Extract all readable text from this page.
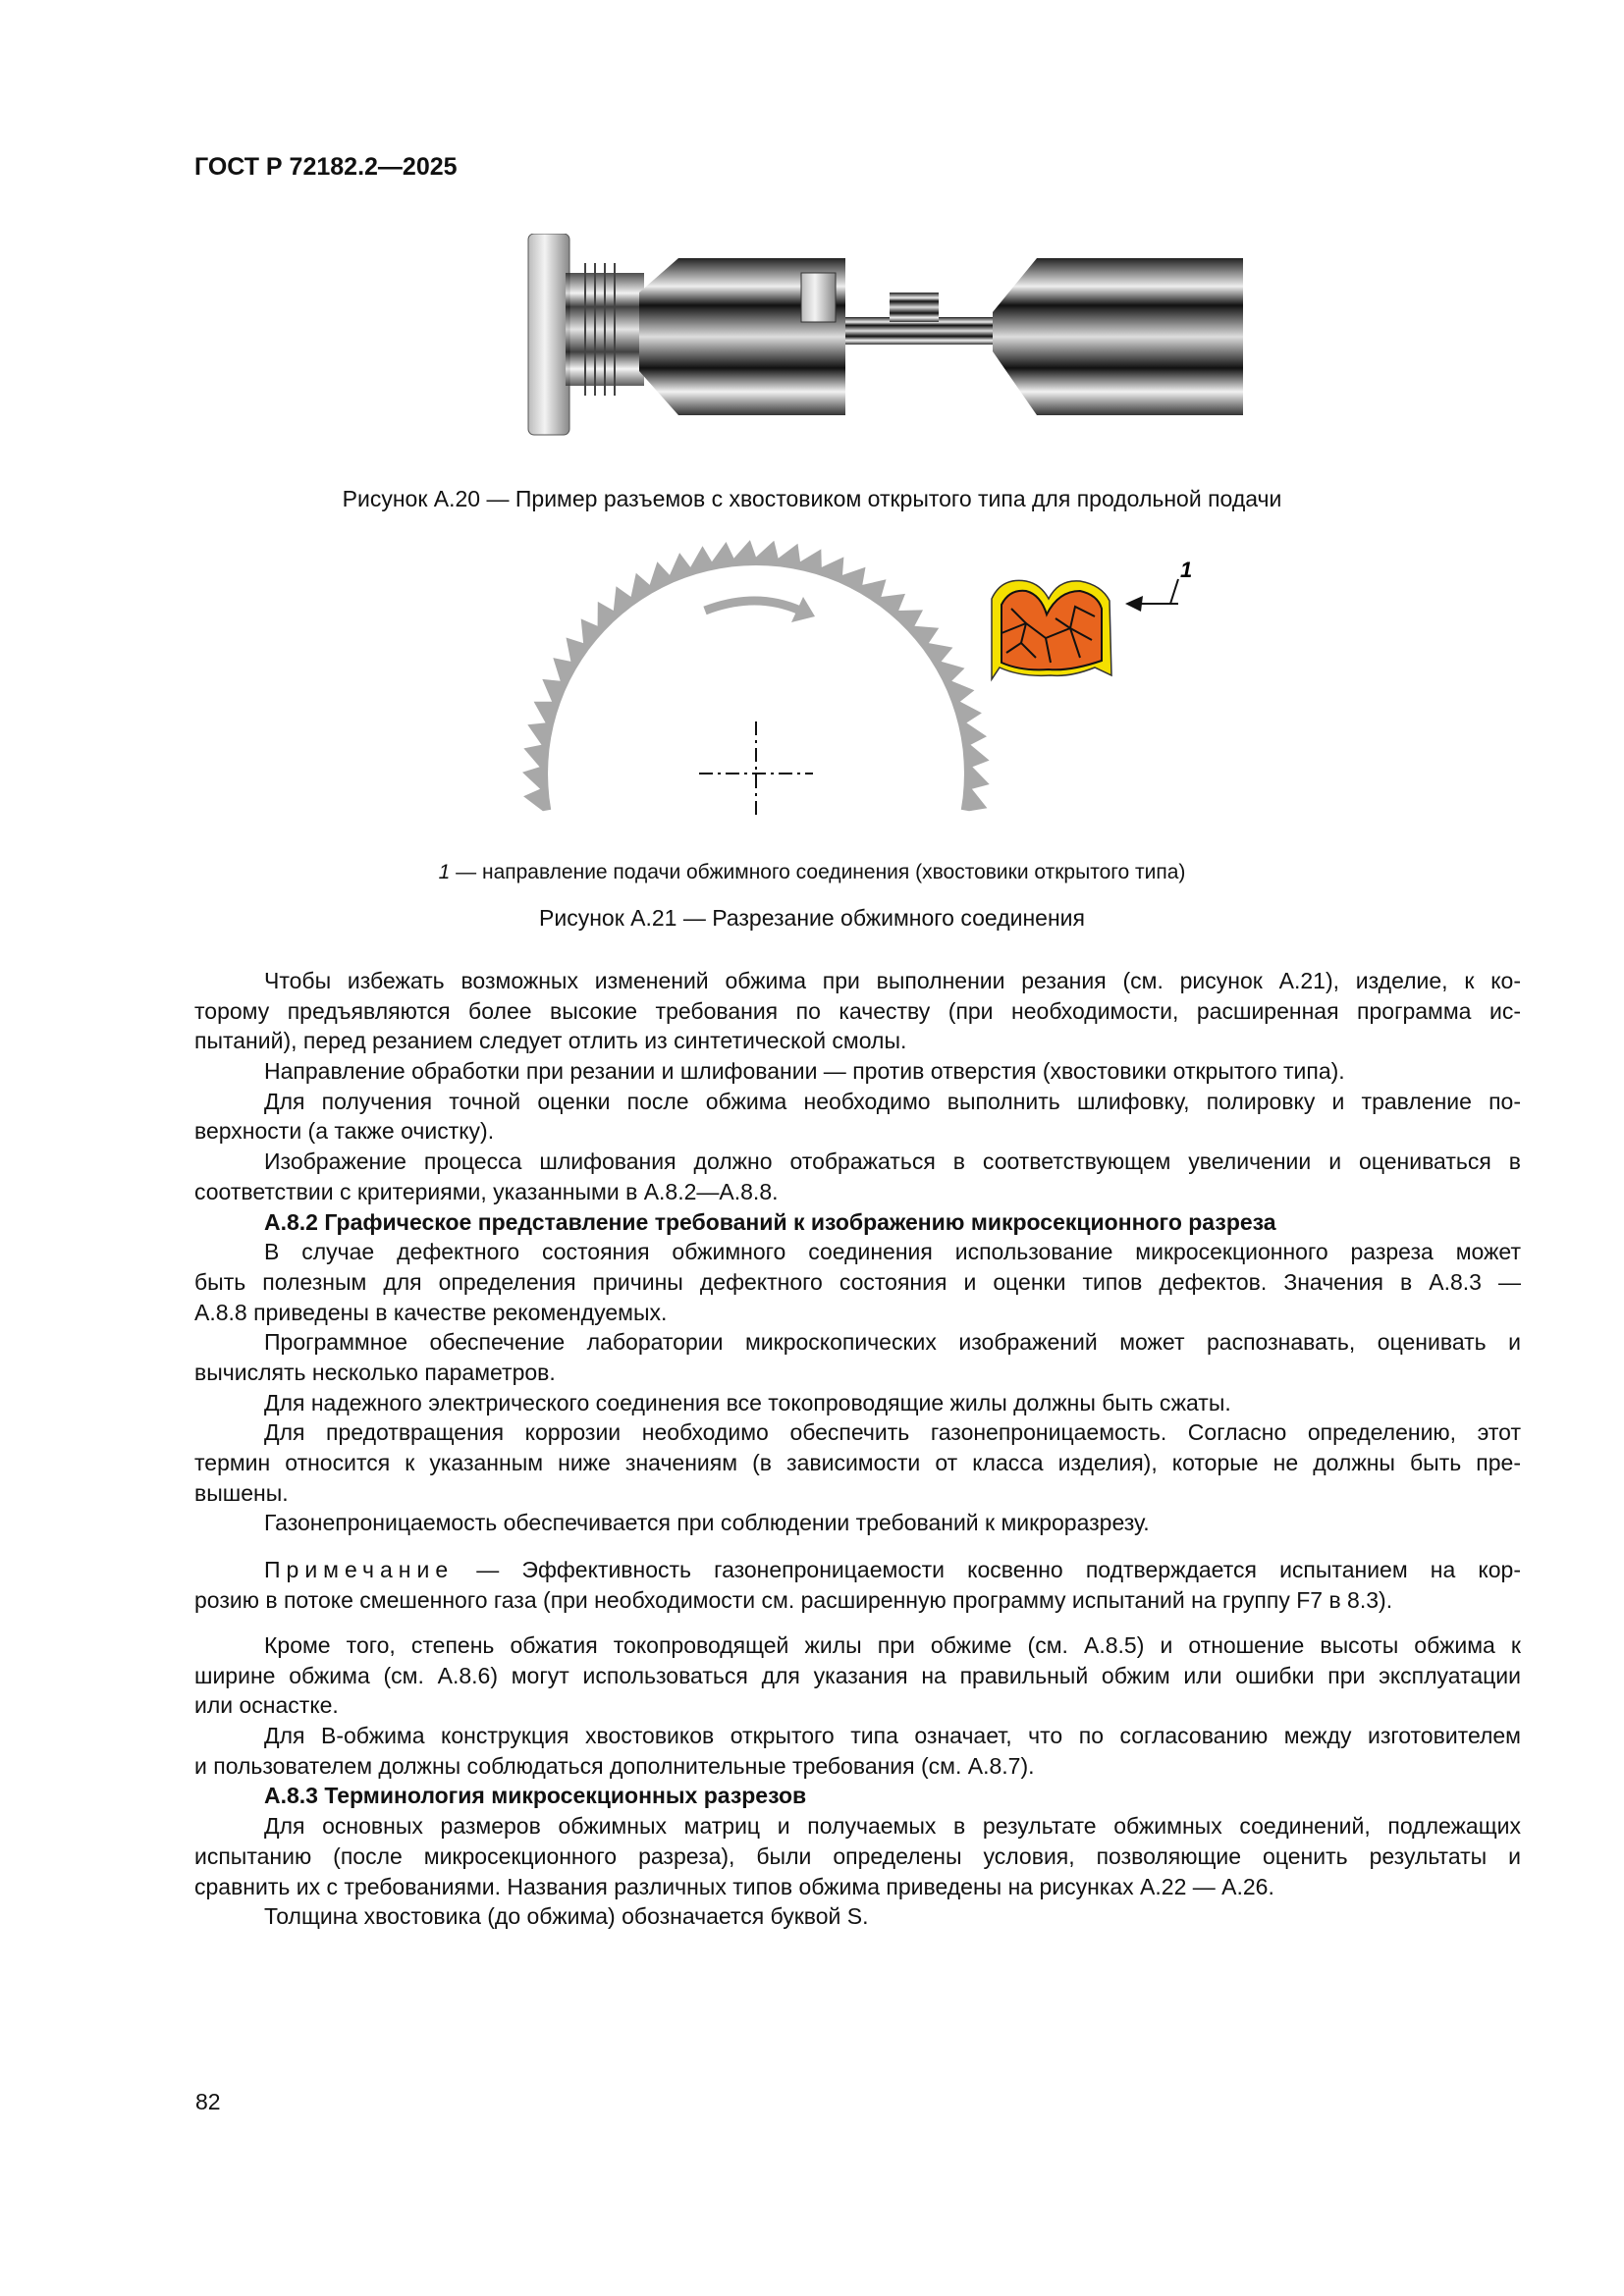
ГОСТ Р 72182.2—2025
Рисунок А.20 — Пример разъемов с хвостовиком открытого типа для продольной подачи
1
1 — направление подачи обжимного соединения (хвостовики открытого типа)
Рисунок А.21 — Разрезание обжимного соединения
Чтобы избежать возможных изменений обжима при выполнении резания (см. рисунок А.21), изделие, к ко-
торому предъявляются более высокие требования по качеству (при необходимости, расширенная программа ис-
пытаний), перед резанием следует отлить из синтетической смолы.
Направление обработки при резании и шлифовании — против отверстия (хвостовики открытого типа).
Для получения точной оценки после обжима необходимо выполнить шлифовку, полировку и травление по-
верхности (а также очистку).
Изображение процесса шлифования должно отображаться в соответствующем увеличении и оцениваться в
соответствии с критериями, указанными в А.8.2—А.8.8.
А.8.2 Графическое представление требований к изображению микросекционного разреза
В случае дефектного состояния обжимного соединения использование микросекционного разреза может
быть полезным для определения причины дефектного состояния и оценки типов дефектов. Значения в А.8.3 —
А.8.8 приведены в качестве рекомендуемых.
Программное обеспечение лаборатории микроскопических изображений может распознавать, оценивать и
вычислять несколько параметров.
Для надежного электрического соединения все токопроводящие жилы должны быть сжаты.
Для предотвращения коррозии необходимо обеспечить газонепроницаемость. Согласно определению, этот
термин относится к указанным ниже значениям (в зависимости от класса изделия), которые не должны быть пре-
вышены.
Газонепроницаемость обеспечивается при соблюдении требований к микроразрезу.
Примечание — Эффективность газонепроницаемости косвенно подтверждается испытанием на кор-
розию в потоке смешенного газа (при необходимости см. расширенную программу испытаний на группу F7 в 8.3).
Кроме того, степень обжатия токопроводящей жилы при обжиме (см. А.8.5) и отношение высоты обжима к
ширине обжима (см. А.8.6) могут использоваться для указания на правильный обжим или ошибки при эксплуатации
или оснастке.
Для В-обжима конструкция хвостовиков открытого типа означает, что по согласованию между изготовителем
и пользователем должны соблюдаться дополнительные требования (см. А.8.7).
А.8.3 Терминология микросекционных разрезов
Для основных размеров обжимных матриц и получаемых в результате обжимных соединений, подлежащих
испытанию (после микросекционного разреза), были определены условия, позволяющие оценить результаты и
сравнить их с требованиями. Названия различных типов обжима приведены на рисунках А.22 — А.26.
Толщина хвостовика (до обжима) обозначается буквой S.
82
